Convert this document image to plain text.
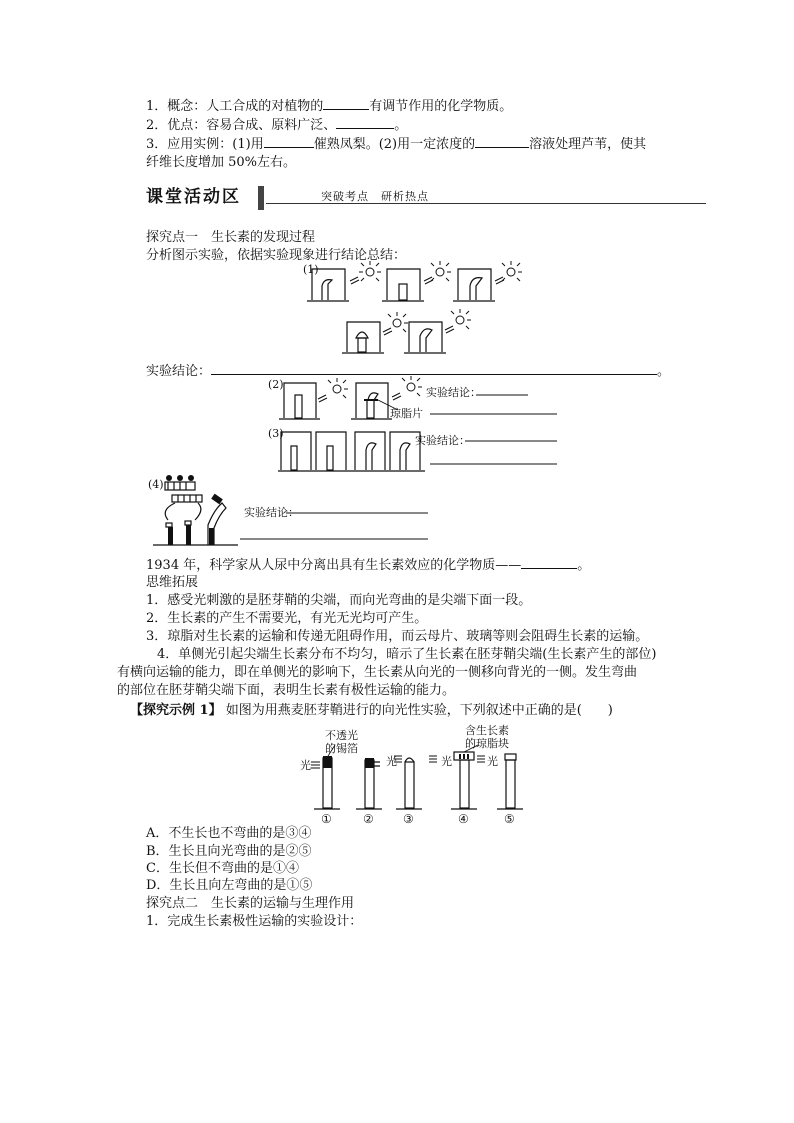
1．概念：人工合成的对植物的	有调节作用的化学物质。
2．优点：容易合成、原料广泛、	。
3．应用实例：(1)用	催熟凤梨。(2)用一定浓度的	溶液处理芦苇，使其
纤维长度增加 50%左右。
课堂活动区	突破考点　研析热点
探究点一　生长素的发现过程
分析图示实验，依据实验现象进行结论总结：
(1)
实验结论：	。
(2)
(3)
实验结论：
琼脂片
实验结论：
(4)
实验结论：
1934 年，科学家从人尿中分离出具有生长素效应的化学物质——	。
思维拓展
1．感受光刺激的是胚芽鞘的尖端，而向光弯曲的是尖端下面一段。
2．生长素的产生不需要光，有光无光均可产生。
3．琼脂对生长素的运输和传递无阻碍作用，而云母片、玻璃等则会阻碍生长素的运输。
4．单侧光引起尖端生长素分布不均匀，暗示了生长素在胚芽鞘尖端(生长素产生的部位)
有横向运输的能力，即在单侧光的影响下，生长素从向光的一侧移向背光的一侧。发生弯曲
的部位在胚芽鞘尖端下面，表明生长素有极性运输的能力。
【探究示例 1】 如图为用燕麦胚芽鞘进行的向光性实验，下列叙述中正确的是(　　)
不透光
的锡箔
含生长素
的琼脂块
光	光	光	光
①	② ③	④	⑤
A．不生长也不弯曲的是③④
B．生长且向光弯曲的是②⑤
C．生长但不弯曲的是①④
D．生长且向左弯曲的是①⑤
探究点二　生长素的运输与生理作用
1．完成生长素极性运输的实验设计：
